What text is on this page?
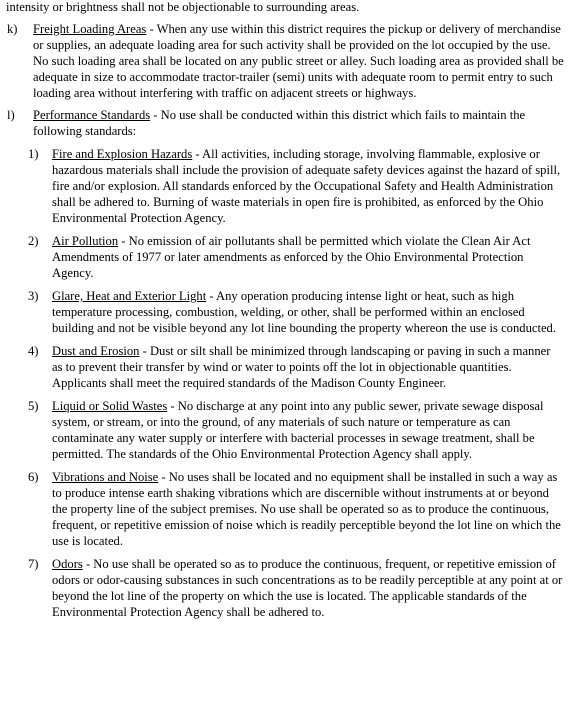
intensity or brightness shall not be objectionable to surrounding areas.

k)	Freight Loading Areas - When any use within this district requires the pickup or delivery of merchandise or supplies, an adequate loading area for such activity shall be provided on the lot occupied by the use. No such loading area shall be located on any public street or alley. Such loading area as provided shall be adequate in size to accommodate tractor-trailer (semi) units with adequate room to permit entry to such loading area without interfering with traffic on adjacent streets or highways.
l)	Performance Standards - No use shall be conducted within this district which fails to maintain the following standards:
1)	Fire and Explosion Hazards - All activities, including storage, involving flammable, explosive or hazardous materials shall include the provision of adequate safety devices against the hazard of spill, fire and/or explosion. All standards enforced by the Occupational Safety and Health Administration shall be adhered to. Burning of waste materials in open fire is prohibited, as enforced by the Ohio Environmental Protection Agency.
2)	Air Pollution - No emission of air pollutants shall be permitted which violate the Clean Air Act Amendments of 1977 or later amendments as enforced by the Ohio Environmental Protection Agency.
3)	Glare, Heat and Exterior Light - Any operation producing intense light or heat, such as high temperature processing, combustion, welding, or other, shall be performed within an enclosed building and not be visible beyond any lot line bounding the property whereon the use is conducted.
4)	Dust and Erosion - Dust or silt shall be minimized through landscaping or paving in such a manner as to prevent their transfer by wind or water to points off the lot in objectionable quantities. Applicants shall meet the required standards of the Madison County Engineer.
5)	Liquid or Solid Wastes - No discharge at any point into any public sewer, private sewage disposal system, or stream, or into the ground, of any materials of such nature or temperature as can contaminate any water supply or interfere with bacterial processes in sewage treatment, shall be permitted. The standards of the Ohio Environmental Protection Agency shall apply.
6)	Vibrations and Noise - No uses shall be located and no equipment shall be installed in such a way as to produce intense earth shaking vibrations which are discernible without instruments at or beyond the property line of the subject premises. No use shall be operated so as to produce the continuous, frequent, or repetitive emission of noise which is readily perceptible beyond the lot line on which the use is located.
7)	Odors - No use shall be operated so as to produce the continuous, frequent, or repetitive emission of odors or odor-causing substances in such concentrations as to be readily perceptible at any point at or beyond the lot line of the property on which the use is located. The applicable standards of the Environmental Protection Agency shall be adhered to.
